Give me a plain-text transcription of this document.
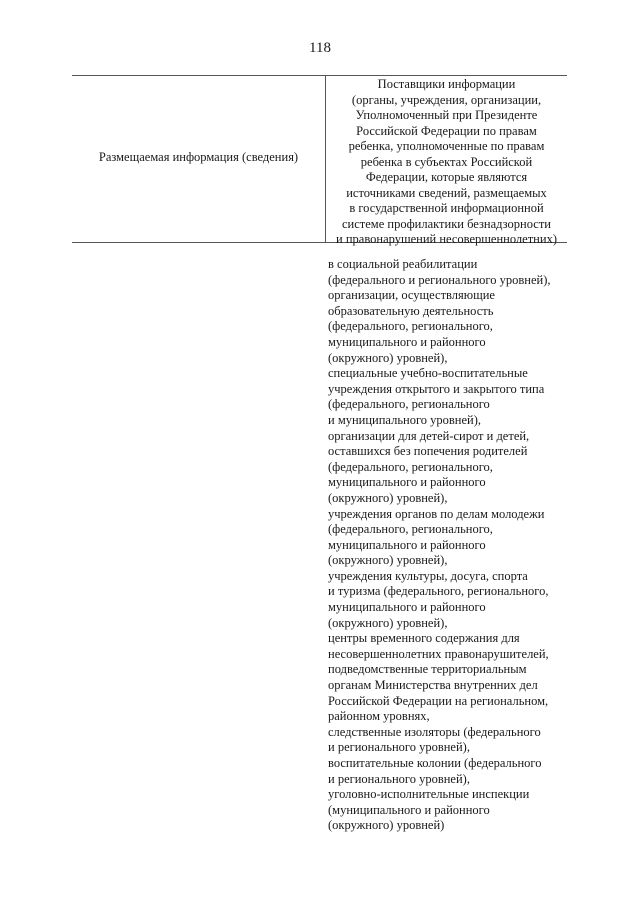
118
Размещаемая информация (сведения)
Поставщики информации
(органы, учреждения, организации,
Уполномоченный при Президенте
Российской Федерации по правам
ребенка, уполномоченные по правам
ребенка в субъектах Российской
Федерации, которые являются
источниками сведений, размещаемых
в государственной информационной
системе профилактики безнадзорности
и правонарушений несовершеннолетних)
в социальной реабилитации
(федерального и регионального уровней),
организации, осуществляющие
образовательную деятельность
(федерального, регионального,
муниципального и районного
(окружного) уровней),
специальные учебно-воспитательные
учреждения открытого и закрытого типа
(федерального, регионального
и муниципального уровней),
организации для детей-сирот и детей,
оставшихся без попечения родителей
(федерального, регионального,
муниципального и районного
(окружного) уровней),
учреждения органов по делам молодежи
(федерального, регионального,
муниципального и районного
(окружного) уровней),
учреждения культуры, досуга, спорта
и туризма (федерального, регионального,
муниципального и районного
(окружного) уровней),
центры временного содержания для
несовершеннолетних правонарушителей,
подведомственные территориальным
органам Министерства внутренних дел
Российской Федерации на региональном,
районном уровнях,
следственные изоляторы (федерального
и регионального уровней),
воспитательные колонии (федерального
и регионального уровней),
уголовно-исполнительные инспекции
(муниципального и районного
(окружного) уровней)
